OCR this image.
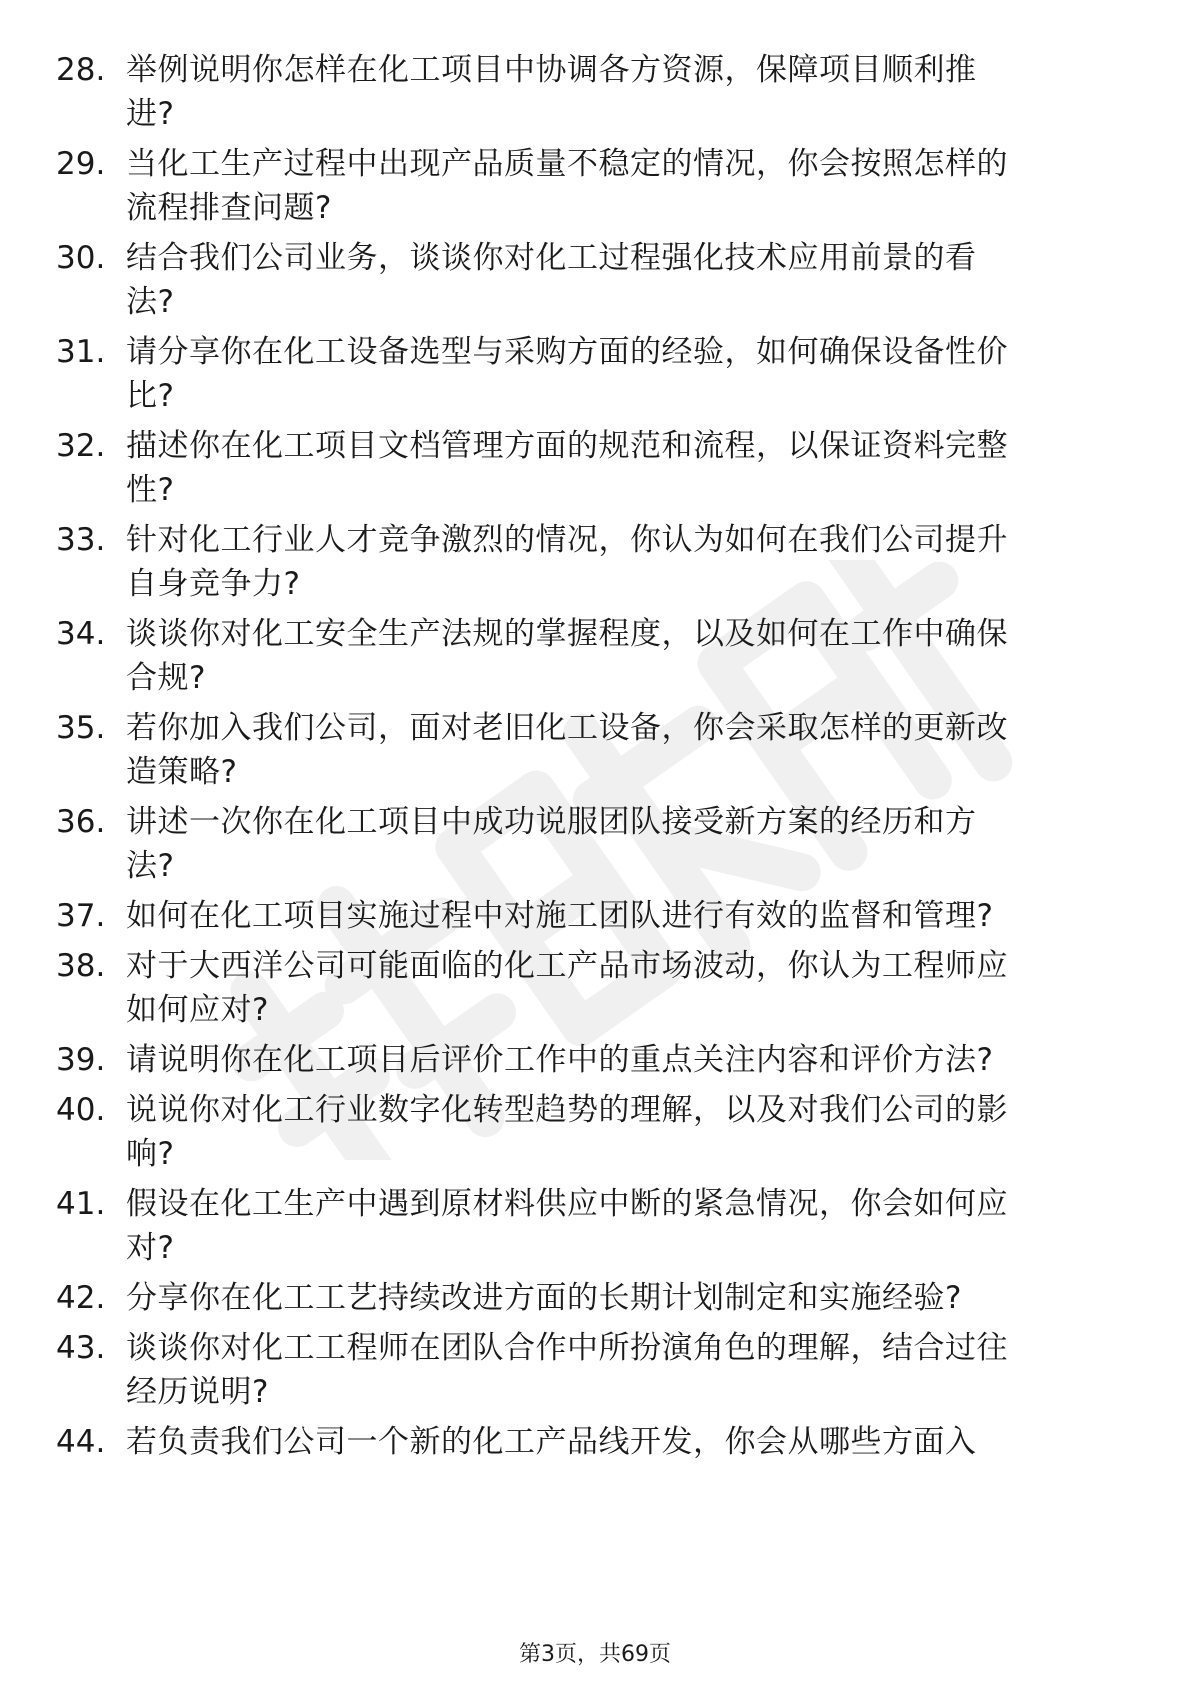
28. 举例说明你怎样在化工项目中协调各方资源，保障项目顺利推
进?
29. 当化工生产过程中出现产品质量不稳定的情况，你会按照怎样的
流程排查问题?
30. 结合我们公司业务，谈谈你对化工过程强化技术应用前景的看
法?
31. 请分享你在化工设备选型与采购方面的经验，如何确保设备性价
比?
32. 描述你在化工项目文档管理方面的规范和流程，以保证资料完整
性?
33. 针对化工行业人才竞争激烈的情况，你认为如何在我们公司提升
自身竞争力?
34. 谈谈你对化工安全生产法规的掌握程度，以及如何在工作中确保
合规?
35. 若你加入我们公司，面对老旧化工设备，你会采取怎样的更新改
造策略?
36. 讲述一次你在化工项目中成功说服团队接受新方案的经历和方
法?
37. 如何在化工项目实施过程中对施工团队进行有效的监督和管理?
38. 对于大西洋公司可能面临的化工产品市场波动，你认为工程师应
如何应对?
39. 请说明你在化工项目后评价工作中的重点关注内容和评价方法?
40. 说说你对化工行业数字化转型趋势的理解，以及对我们公司的影
响?
41. 假设在化工生产中遇到原材料供应中断的紧急情况，你会如何应
对?
42. 分享你在化工工艺持续改进方面的长期计划制定和实施经验?
43. 谈谈你对化工工程师在团队合作中所扮演角色的理解，结合过往
经历说明?
44. 若负责我们公司一个新的化工产品线开发，你会从哪些方面入
第3页，共69页
